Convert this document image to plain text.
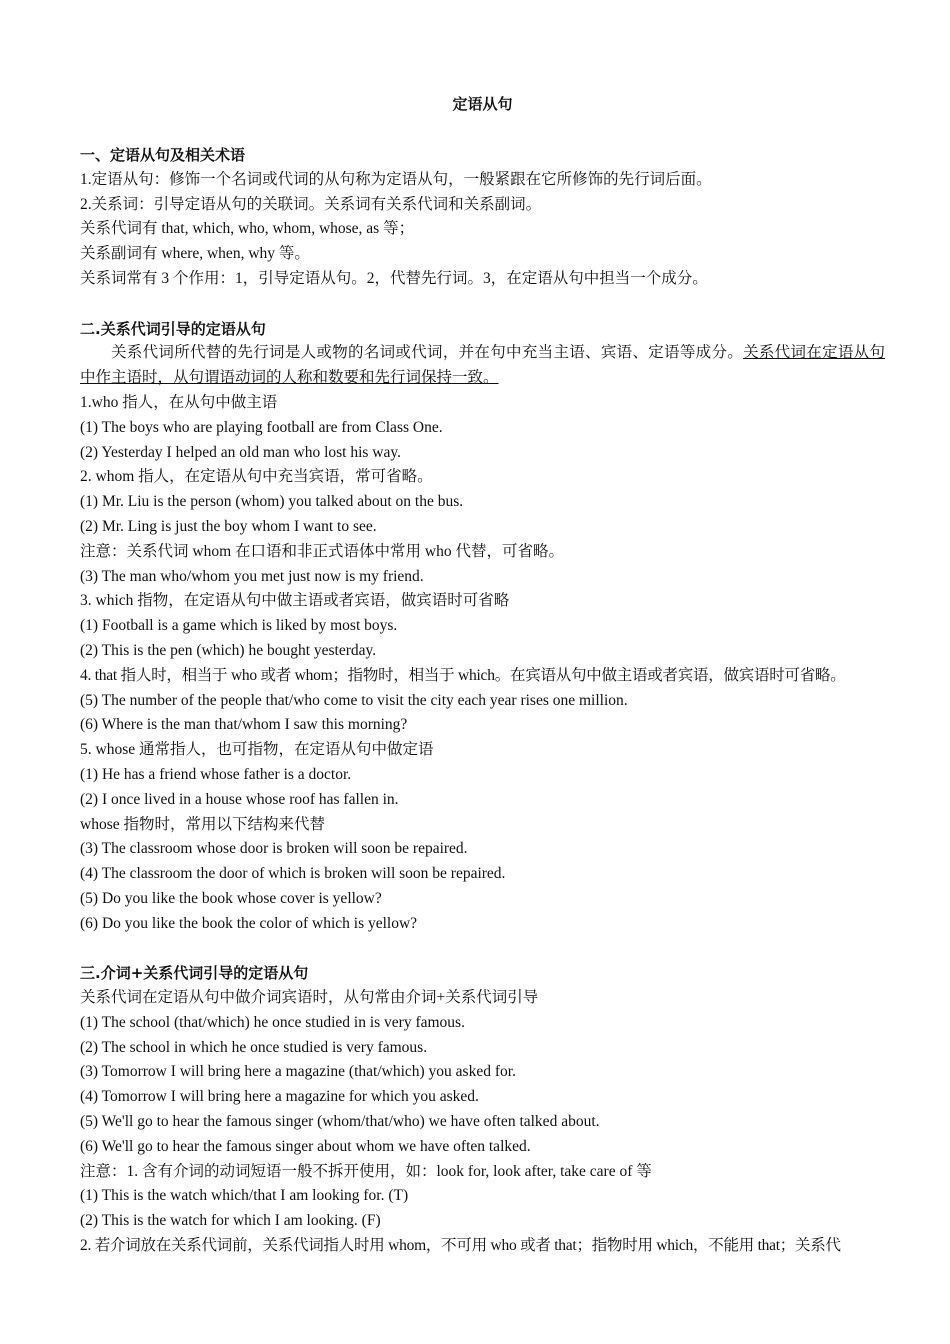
定语从句
一、定语从句及相关术语
1.定语从句：修饰一个名词或代词的从句称为定语从句，一般紧跟在它所修饰的先行词后面。
2.关系词：引导定语从句的关联词。关系词有关系代词和关系副词。
关系代词有 that, which, who, whom, whose, as 等；
关系副词有 where, when, why 等。
关系词常有 3 个作用：1，引导定语从句。2，代替先行词。3，在定语从句中担当一个成分。
二.关系代词引导的定语从句
关系代词所代替的先行词是人或物的名词或代词，并在句中充当主语、宾语、定语等成分。关系代词在定语从句中作主语时，从句谓语动词的人称和数要和先行词保持一致。
1.who 指人，在从句中做主语
(1) The boys who are playing football are from Class One.
(2) Yesterday I helped an old man who lost his way.
2. whom 指人，在定语从句中充当宾语，常可省略。
(1) Mr. Liu is the person (whom) you talked about on the bus.
(2) Mr. Ling is just the boy whom I want to see.
注意：关系代词 whom 在口语和非正式语体中常用 who 代替，可省略。
(3) The man who/whom you met just now is my friend.
3. which 指物，在定语从句中做主语或者宾语，做宾语时可省略
(1) Football is a game which is liked by most boys.
(2) This is the pen (which) he bought yesterday.
4. that 指人时，相当于 who 或者 whom；指物时，相当于 which。在宾语从句中做主语或者宾语，做宾语时可省略。
(5) The number of the people that/who come to visit the city each year rises one million.
(6) Where is the man that/whom I saw this morning?
5. whose 通常指人，也可指物，在定语从句中做定语
(1) He has a friend whose father is a doctor.
(2) I once lived in a house whose roof has fallen in.
whose 指物时，常用以下结构来代替
(3) The classroom whose door is broken will soon be repaired.
(4) The classroom the door of which is broken will soon be repaired.
(5) Do you like the book whose cover is yellow?
(6) Do you like the book the color of which is yellow?
三.介词+关系代词引导的定语从句
关系代词在定语从句中做介词宾语时，从句常由介词+关系代词引导
(1) The school (that/which) he once studied in is very famous.
(2) The school in which he once studied is very famous.
(3) Tomorrow I will bring here a magazine (that/which) you asked for.
(4) Tomorrow I will bring here a magazine for which you asked.
(5) We'll go to hear the famous singer (whom/that/who) we have often talked about.
(6) We'll go to hear the famous singer about whom we have often talked.
注意：1. 含有介词的动词短语一般不拆开使用，如：look for, look after, take care of 等
(1) This is the watch which/that I am looking for. (T)
(2) This is the watch for which I am looking. (F)
2. 若介词放在关系代词前，关系代词指人时用 whom，不可用 who 或者 that；指物时用 which，不能用 that；关系代
